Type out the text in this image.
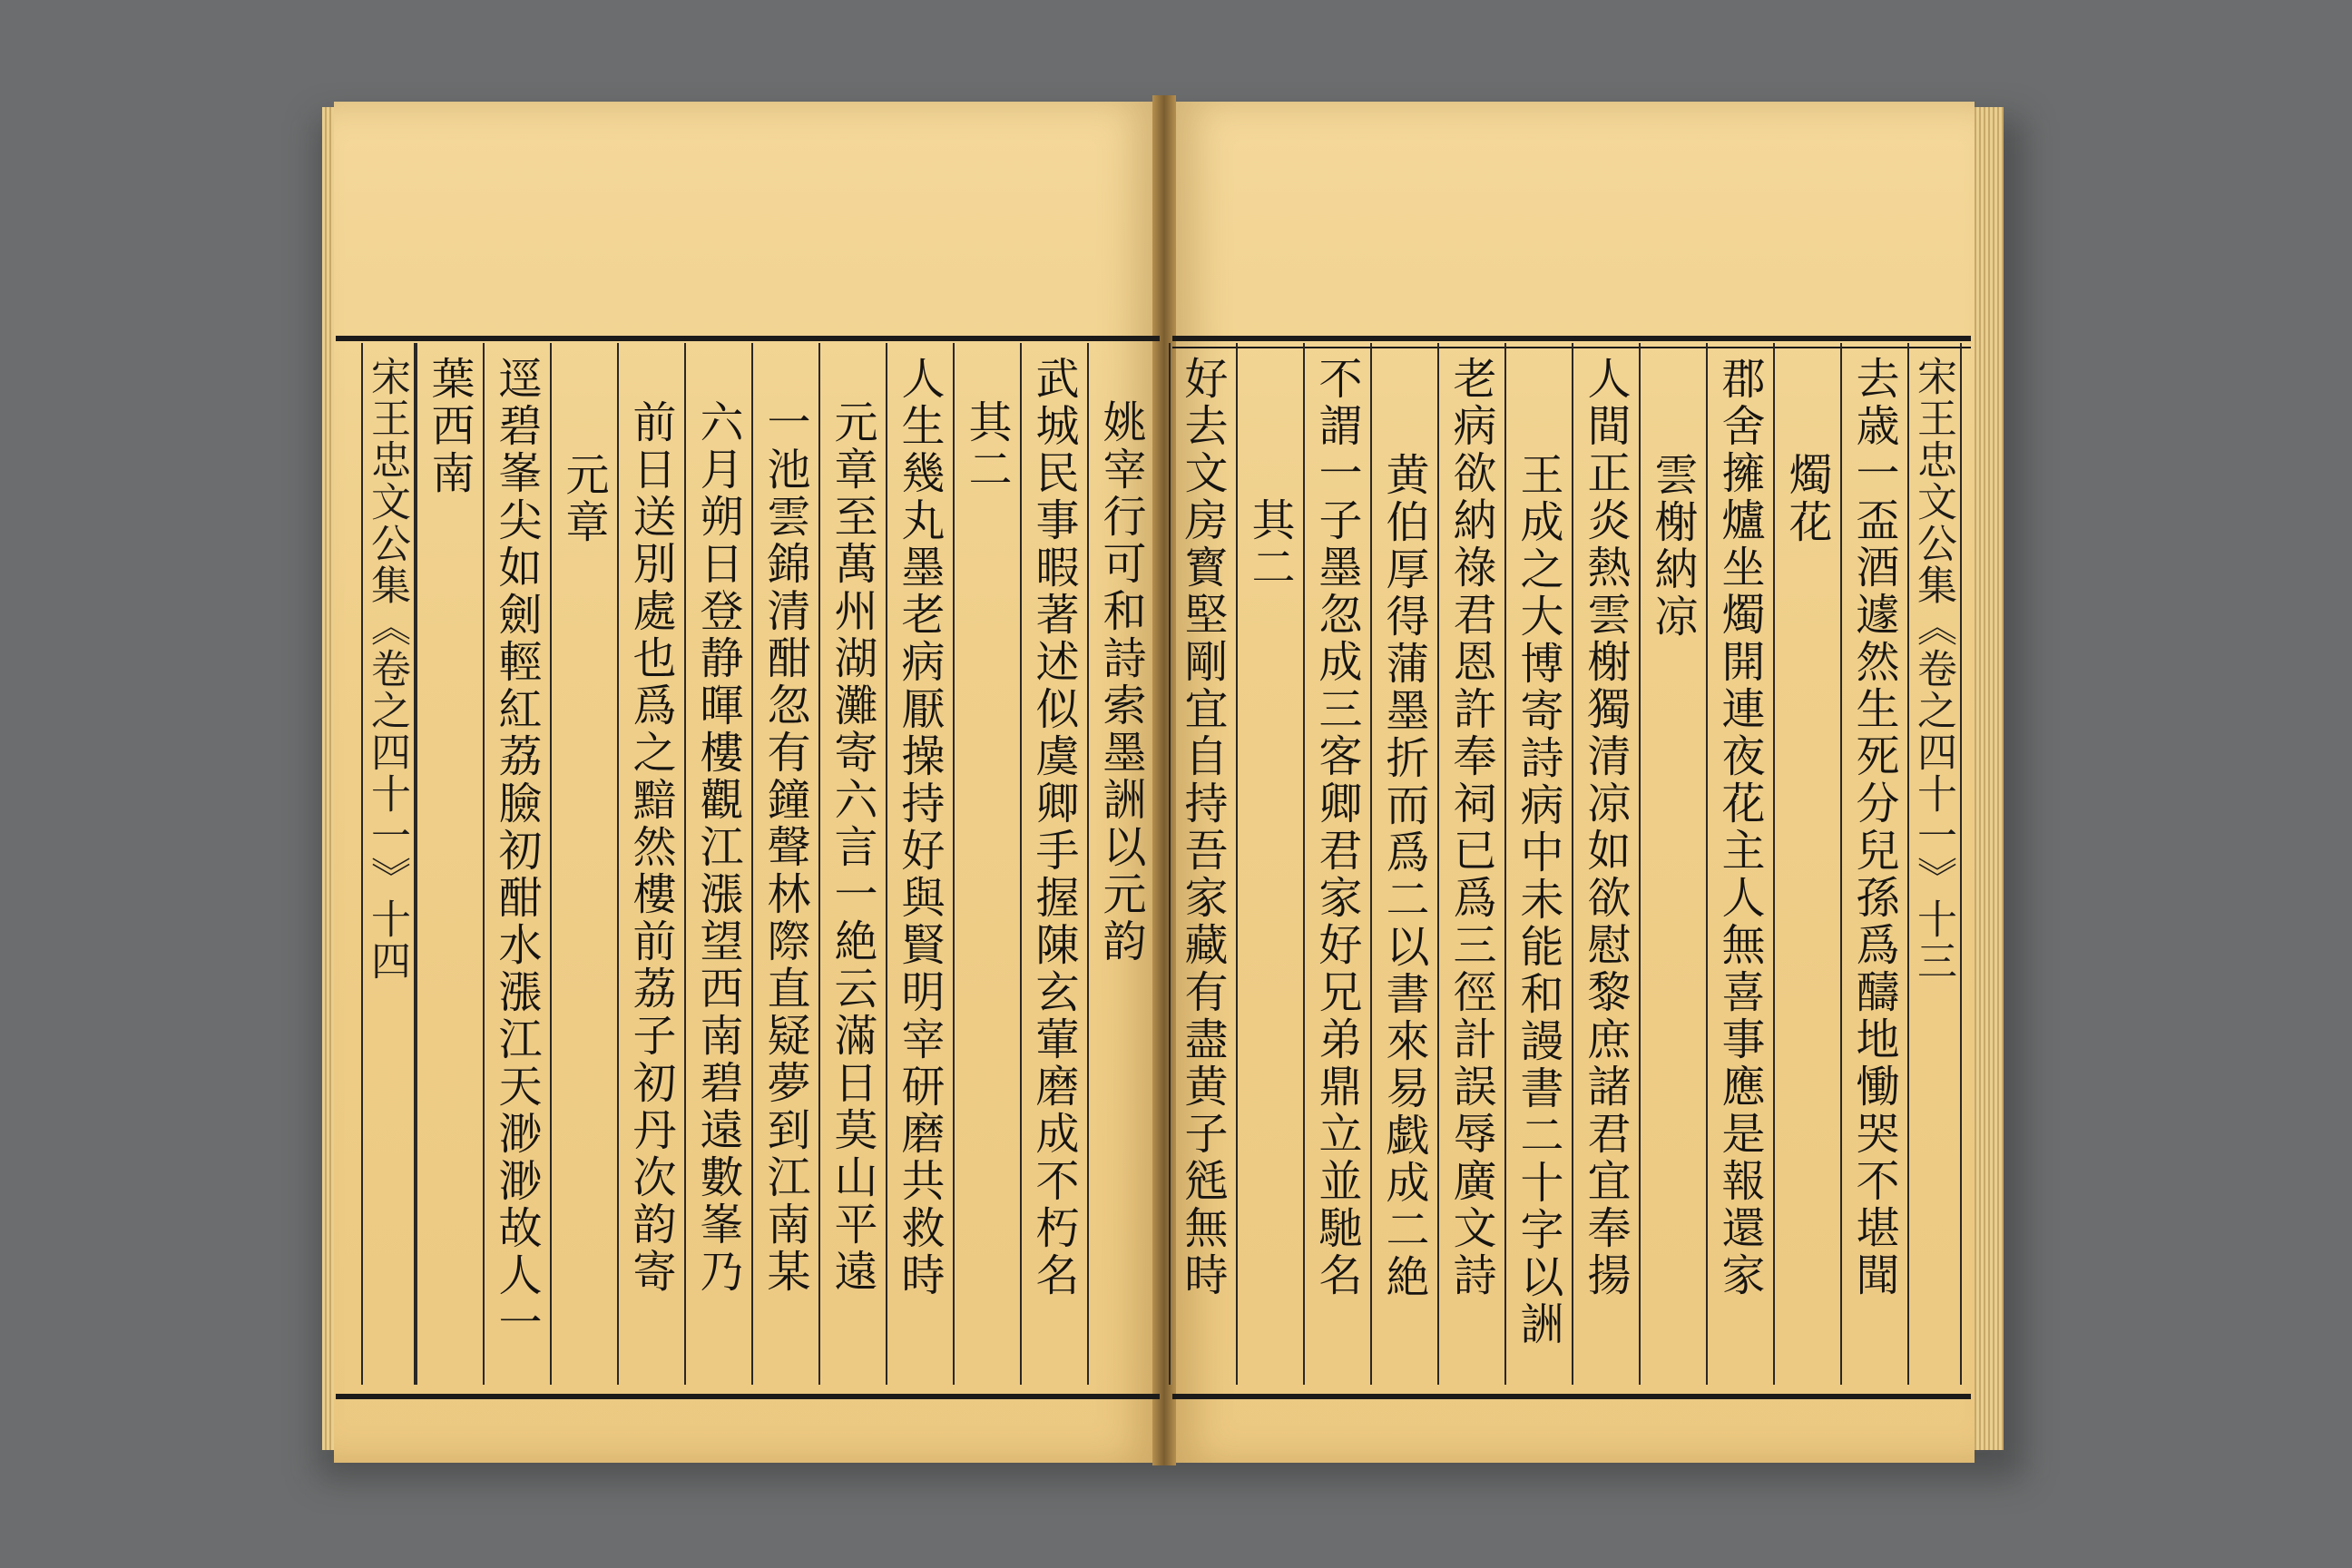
姚宰行可和詩索墨詶以元韵
武城民事暇著述似虞卿手握陳玄葷磨成不朽名
其二
人生幾丸墨老病厭操持好與賢明宰研磨共救時
元章至萬州湖灘寄六言一絶云滿日莫山平遠
一池雲錦清酣忽有鐘聲林際直疑夢到江南某
六月朔日登静暉樓觀江漲望西南碧遠數峯乃
前日送別處也爲之黯然樓前荔子初丹次韵寄
元章
逕碧峯尖如劍輕紅荔臉初酣水漲江天渺渺故人一
葉西南
宋王忠文公集《卷之四十一》十四
宋王忠文公集《卷之四十一》十三
去歳一盃酒遽然生死分兒孫爲醻地慟哭不堪聞
燭花
郡舍擁爐坐燭開連夜花主人無喜事應是報還家
雲榭納凉
人間正炎熱雲榭獨清凉如欲慰黎庶諸君宜奉揚
王成之大博寄詩病中未能和謾書二十字以詶
老病欲納祿君恩許奉祠已爲三徑計誤辱廣文詩
黄伯厚得蒲墨折而爲二以書來易戯成二絶
不謂一子墨忽成三客卿君家好兄弟鼎立並馳名
其二
好去文房寳堅剛宜自持吾家藏有盡黄子毤無時
